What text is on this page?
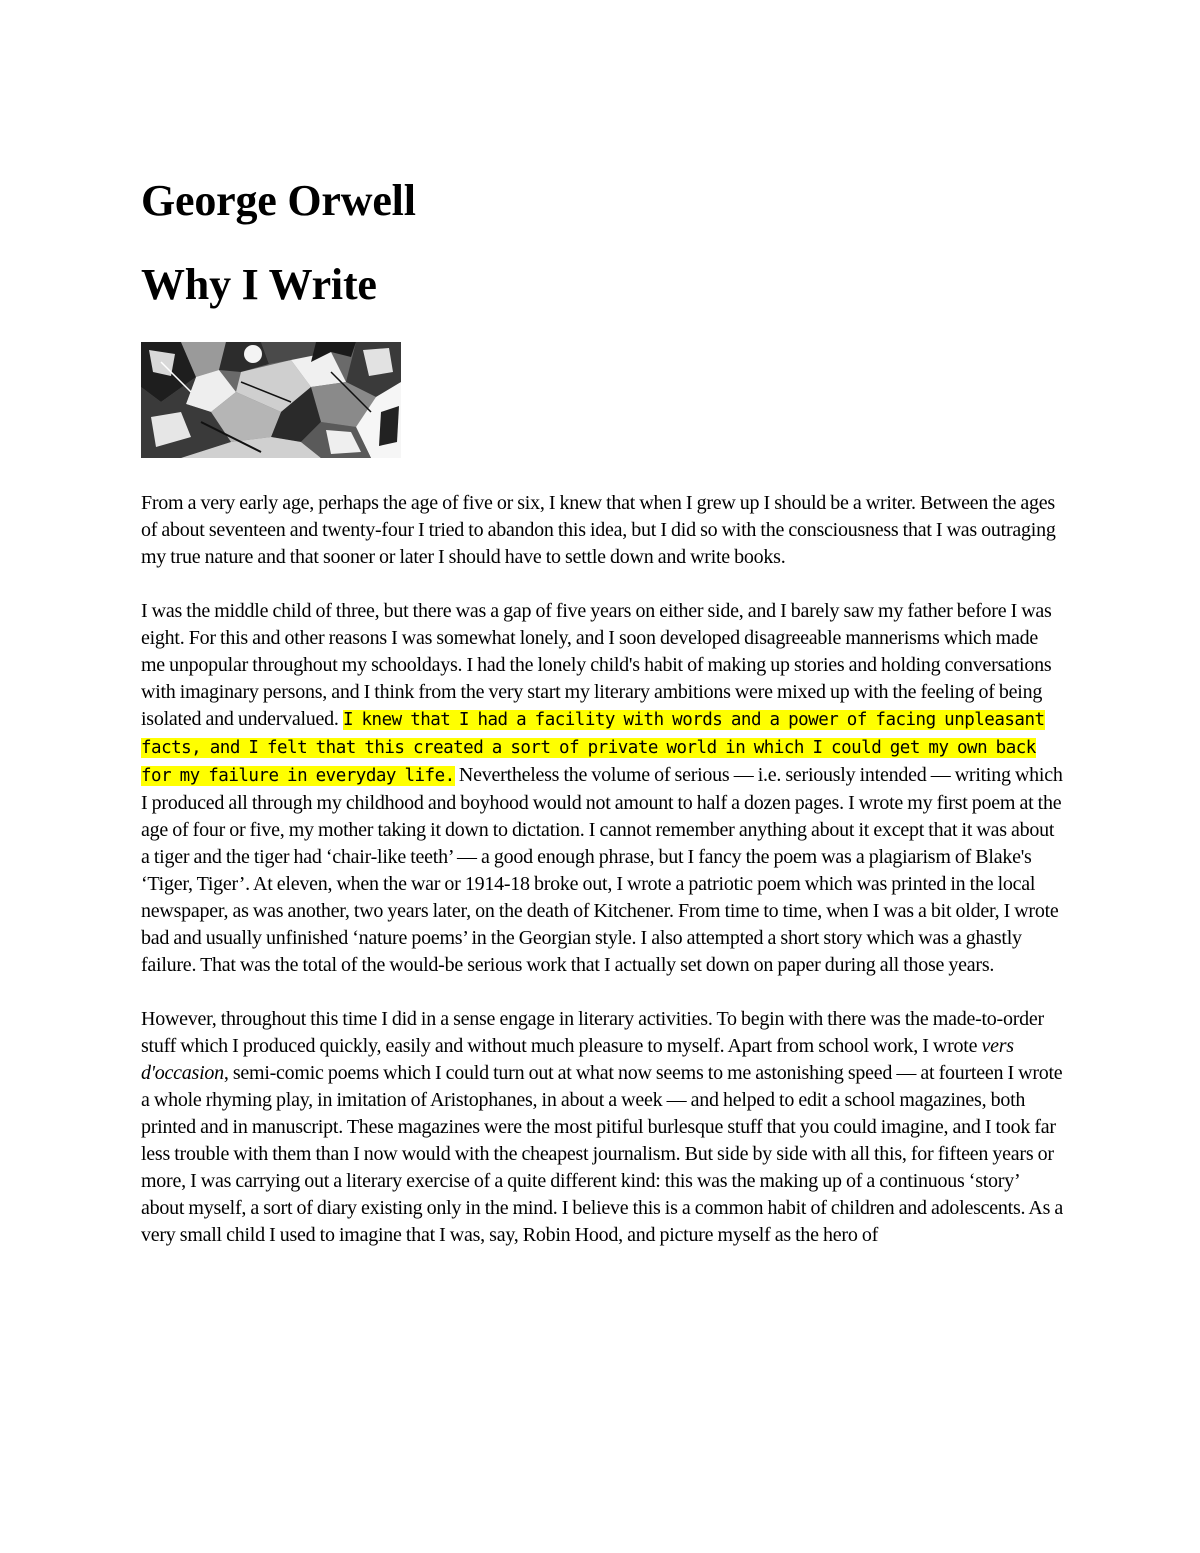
George Orwell
Why I Write

From a very early age, perhaps the age of five or six, I knew that when I grew up I should be a writer. Between the ages of about seventeen and twenty-four I tried to abandon this idea, but I did so with the consciousness that I was outraging my true nature and that sooner or later I should have to settle down and write books.

I was the middle child of three, but there was a gap of five years on either side, and I barely saw my father before I was eight. For this and other reasons I was somewhat lonely, and I soon developed disagreeable mannerisms which made me unpopular throughout my schooldays. I had the lonely child's habit of making up stories and holding conversations with imaginary persons, and I think from the very start my literary ambitions were mixed up with the feeling of being isolated and undervalued. I knew that I had a facility with words and a power of facing unpleasant facts, and I felt that this created a sort of private world in which I could get my own back for my failure in everyday life. Nevertheless the volume of serious — i.e. seriously intended — writing which I produced all through my childhood and boyhood would not amount to half a dozen pages. I wrote my first poem at the age of four or five, my mother taking it down to dictation. I cannot remember anything about it except that it was about a tiger and the tiger had ‘chair-like teeth’ — a good enough phrase, but I fancy the poem was a plagiarism of Blake's ‘Tiger, Tiger’. At eleven, when the war or 1914-18 broke out, I wrote a patriotic poem which was printed in the local newspaper, as was another, two years later, on the death of Kitchener. From time to time, when I was a bit older, I wrote bad and usually unfinished ‘nature poems’ in the Georgian style. I also attempted a short story which was a ghastly failure. That was the total of the would-be serious work that I actually set down on paper during all those years.

However, throughout this time I did in a sense engage in literary activities. To begin with there was the made-to-order stuff which I produced quickly, easily and without much pleasure to myself. Apart from school work, I wrote vers d'occasion, semi-comic poems which I could turn out at what now seems to me astonishing speed — at fourteen I wrote a whole rhyming play, in imitation of Aristophanes, in about a week — and helped to edit a school magazines, both printed and in manuscript. These magazines were the most pitiful burlesque stuff that you could imagine, and I took far less trouble with them than I now would with the cheapest journalism. But side by side with all this, for fifteen years or more, I was carrying out a literary exercise of a quite different kind: this was the making up of a continuous ‘story’ about myself, a sort of diary existing only in the mind. I believe this is a common habit of children and adolescents. As a very small child I used to imagine that I was, say, Robin Hood, and picture myself as the hero of
